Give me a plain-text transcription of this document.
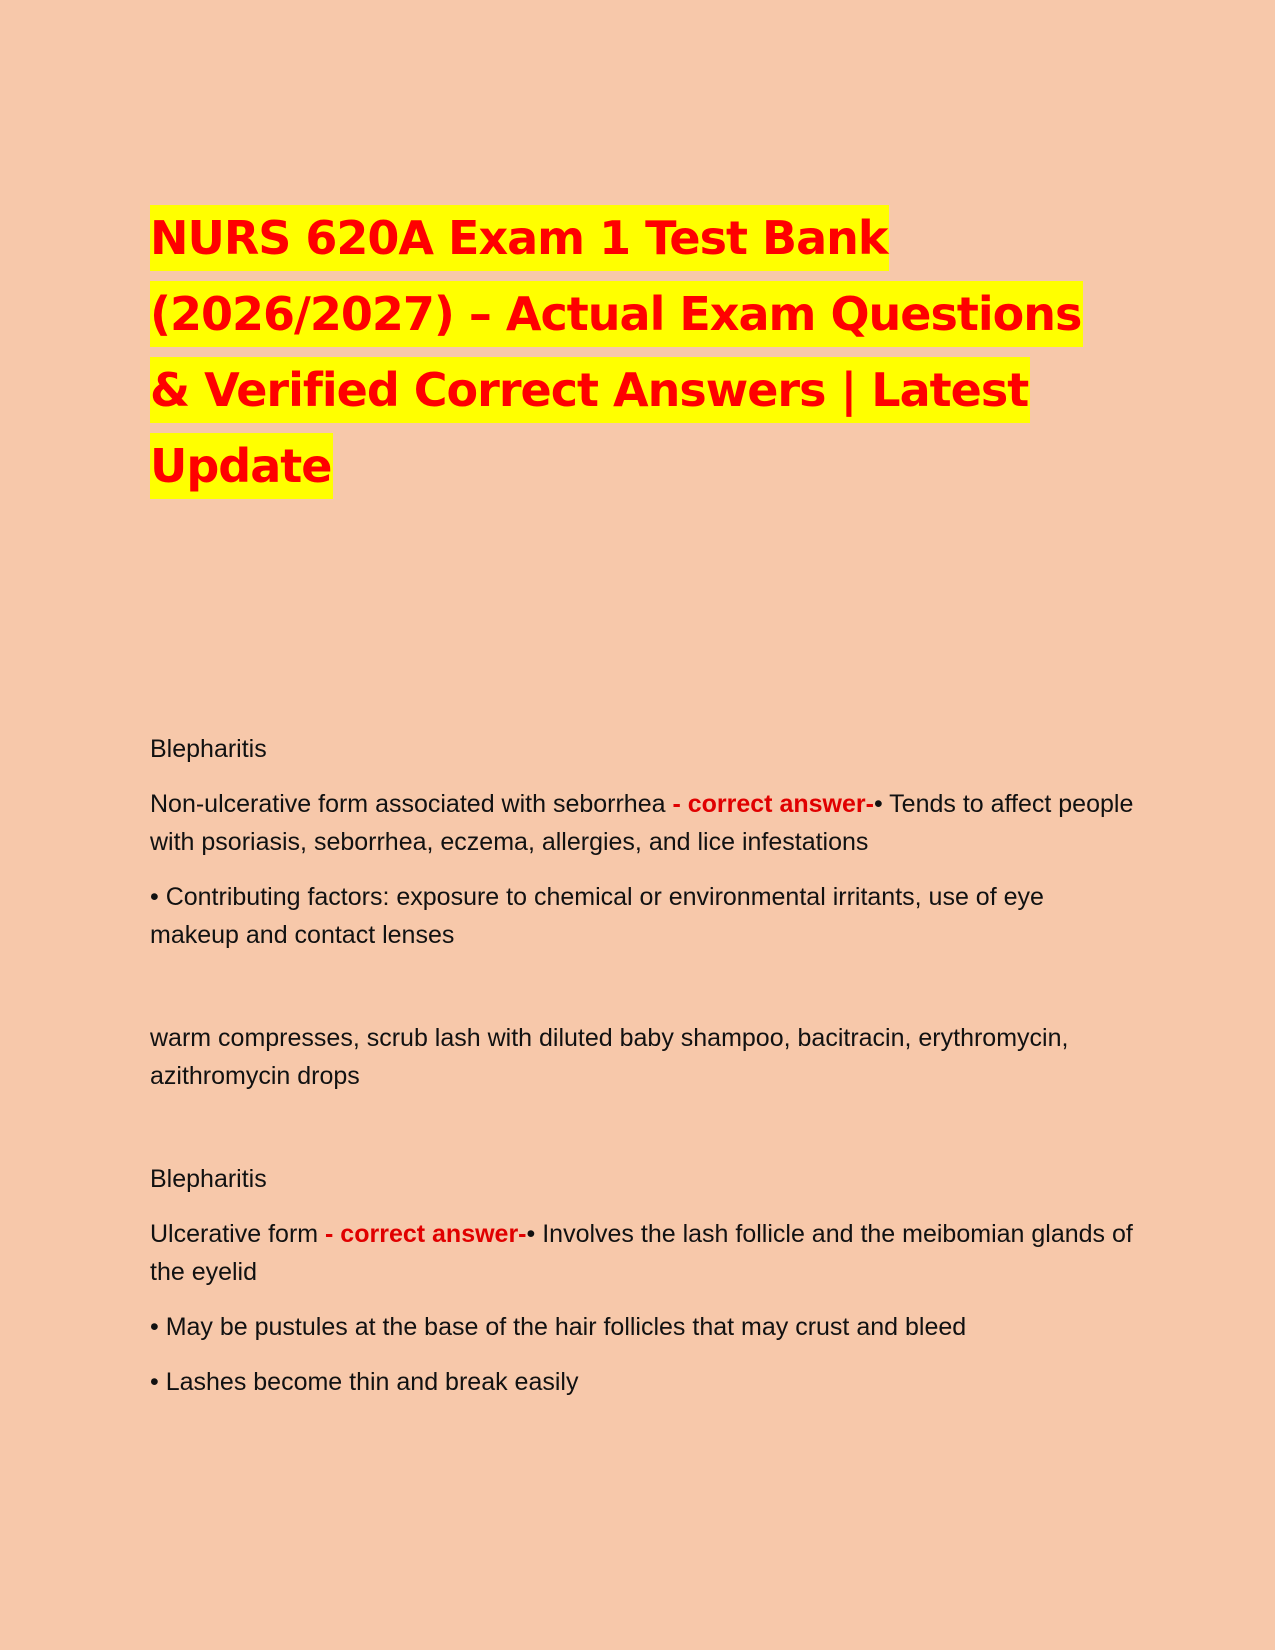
NURS 620A Exam 1 Test Bank (2026/2027) – Actual Exam Questions & Verified Correct Answers | Latest Update

Blepharitis

Non-ulcerative form associated with seborrhea - correct answer-• Tends to affect people with psoriasis, seborrhea, eczema, allergies, and lice infestations

• Contributing factors: exposure to chemical or environmental irritants, use of eye makeup and contact lenses

warm compresses, scrub lash with diluted baby shampoo, bacitracin, erythromycin, azithromycin drops

Blepharitis

Ulcerative form - correct answer-• Involves the lash follicle and the meibomian glands of the eyelid

• May be pustules at the base of the hair follicles that may crust and bleed

• Lashes become thin and break easily
